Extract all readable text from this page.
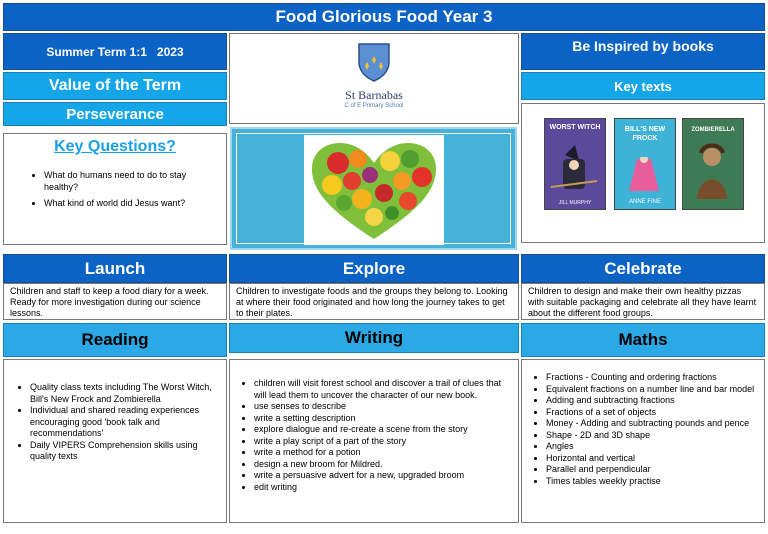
Food Glorious Food Year 3
Summer Term 1:1   2023
St Barnabas
C of E Primary School
Be Inspired by books
Value of the Term	Key texts
Perseverance
Key Questions?
• What do humans need to do to stay healthy?
• What kind of world did Jesus want?
WORST WITCH
JILL MURPHY
BILL'S NEW FROCK
ANNE FINE
ZOMBIERELLA
Launch	Explore	Celebrate
Children and staff to keep a food diary for a week. Ready for more investigation during our science lessons.
Children to investigate foods and the groups they belong to. Looking at where their food originated and how long the journey takes to get to their plates.
Children to design and make their own healthy pizzas with suitable packaging and celebrate all they have learnt about the different food groups.
Reading	Writing	Maths
• Quality class texts including The Worst Witch, Bill's New Frock and Zombierella
• Individual and shared reading experiences encouraging good 'book talk and recommendations'
• Daily VIPERS Comprehension skills using quality texts
• children will visit forest school and discover a trail of clues that will lead them to uncover the character of our new book.
• use senses to describe
• write a setting description
• explore dialogue and re-create a scene from the story
• write a play script of a part of the story
• write a method for a potion
• design a new broom for Mildred.
• write a persuasive advert for a new, upgraded broom
• edit writing
• Fractions - Counting and ordering fractions
• Equivalent fractions on a number line and bar model
• Adding and subtracting fractions
• Fractions of a set of objects
• Money - Adding and subtracting pounds and pence
• Shape - 2D and 3D shape
• Angles
• Horizontal and vertical
• Parallel and perpendicular
• Times tables weekly practise
